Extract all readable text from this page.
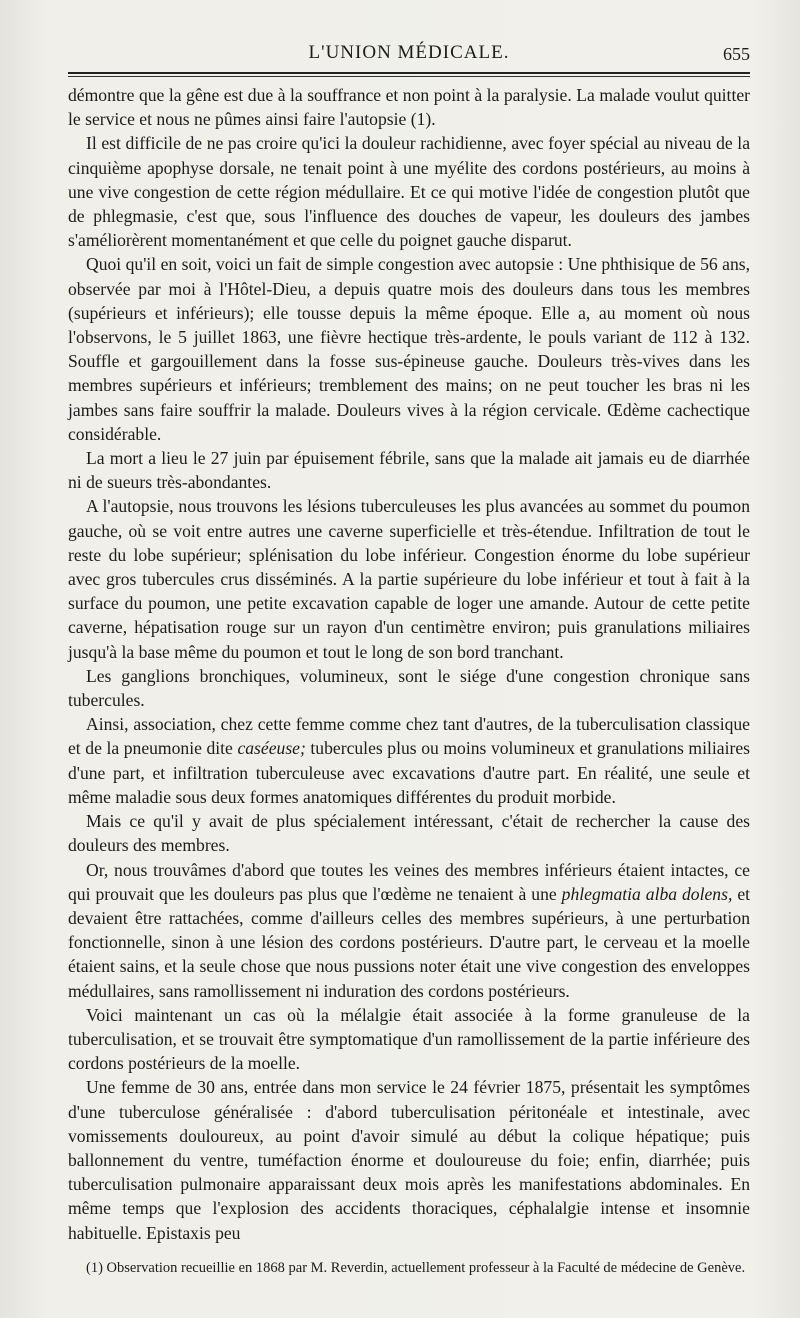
L'UNION MÉDICALE.	655

démontre que la gêne est due à la souffrance et non point à la paralysie. La malade voulut quitter le service et nous ne pûmes ainsi faire l'autopsie (1).

Il est difficile de ne pas croire qu'ici la douleur rachidienne, avec foyer spécial au niveau de la cinquième apophyse dorsale, ne tenait point à une myélite des cordons postérieurs, au moins à une vive congestion de cette région médullaire. Et ce qui motive l'idée de congestion plutôt que de phlegmasie, c'est que, sous l'influence des douches de vapeur, les douleurs des jambes s'améliorèrent momentanément et que celle du poignet gauche disparut.

Quoi qu'il en soit, voici un fait de simple congestion avec autopsie : Une phthisique de 56 ans, observée par moi à l'Hôtel-Dieu, a depuis quatre mois des douleurs dans tous les membres (supérieurs et inférieurs); elle tousse depuis la même époque. Elle a, au moment où nous l'observons, le 5 juillet 1863, une fièvre hectique très-ardente, le pouls variant de 112 à 132. Souffle et gargouillement dans la fosse sus-épineuse gauche. Douleurs très-vives dans les membres supérieurs et inférieurs; tremblement des mains; on ne peut toucher les bras ni les jambes sans faire souffrir la malade. Douleurs vives à la région cervicale. Œdème cachectique considérable.

La mort a lieu le 27 juin par épuisement fébrile, sans que la malade ait jamais eu de diarrhée ni de sueurs très-abondantes.

A l'autopsie, nous trouvons les lésions tuberculeuses les plus avancées au sommet du poumon gauche, où se voit entre autres une caverne superficielle et très-étendue. Infiltration de tout le reste du lobe supérieur; splénisation du lobe inférieur. Congestion énorme du lobe supérieur avec gros tubercules crus disséminés. A la partie supérieure du lobe inférieur et tout à fait à la surface du poumon, une petite excavation capable de loger une amande. Autour de cette petite caverne, hépatisation rouge sur un rayon d'un centimètre environ; puis granulations miliaires jusqu'à la base même du poumon et tout le long de son bord tranchant.

Les ganglions bronchiques, volumineux, sont le siége d'une congestion chronique sans tubercules.

Ainsi, association, chez cette femme comme chez tant d'autres, de la tuberculisation classique et de la pneumonie dite caséeuse; tubercules plus ou moins volumineux et granulations miliaires d'une part, et infiltration tuberculeuse avec excavations d'autre part. En réalité, une seule et même maladie sous deux formes anatomiques différentes du produit morbide.

Mais ce qu'il y avait de plus spécialement intéressant, c'était de rechercher la cause des douleurs des membres.

Or, nous trouvâmes d'abord que toutes les veines des membres inférieurs étaient intactes, ce qui prouvait que les douleurs pas plus que l'œdème ne tenaient à une phlegmatia alba dolens, et devaient être rattachées, comme d'ailleurs celles des membres supérieurs, à une perturbation fonctionnelle, sinon à une lésion des cordons postérieurs. D'autre part, le cerveau et la moelle étaient sains, et la seule chose que nous pussions noter était une vive congestion des enveloppes médullaires, sans ramollissement ni induration des cordons postérieurs.

Voici maintenant un cas où la mélalgie était associée à la forme granuleuse de la tuberculisation, et se trouvait être symptomatique d'un ramollissement de la partie inférieure des cordons postérieurs de la moelle.

Une femme de 30 ans, entrée dans mon service le 24 février 1875, présentait les symptômes d'une tuberculose généralisée : d'abord tuberculisation péritonéale et intestinale, avec vomissements douloureux, au point d'avoir simulé au début la colique hépatique; puis ballonnement du ventre, tuméfaction énorme et douloureuse du foie; enfin, diarrhée; puis tuberculisation pulmonaire apparaissant deux mois après les manifestations abdominales. En même temps que l'explosion des accidents thoraciques, céphalalgie intense et insomnie habituelle. Epistaxis peu

(1) Observation recueillie en 1868 par M. Reverdin, actuellement professeur à la Faculté de médecine de Genève.
